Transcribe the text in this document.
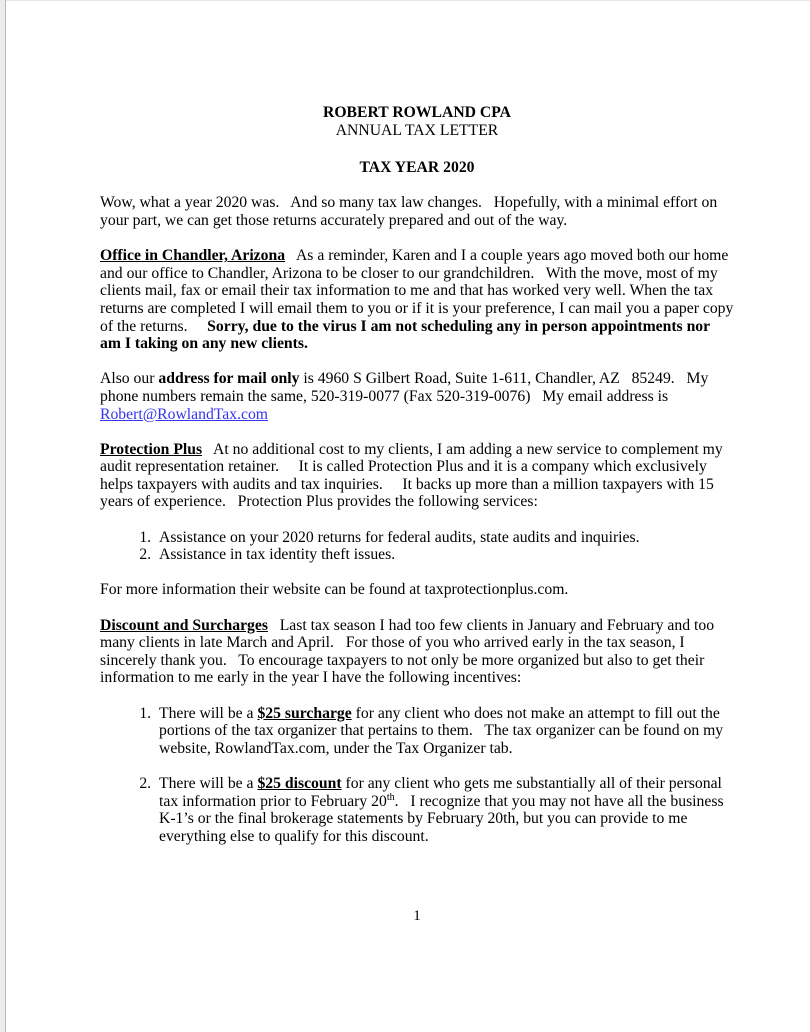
ROBERT ROWLAND CPA
ANNUAL TAX LETTER
TAX YEAR 2020

Wow, what a year 2020 was.   And so many tax law changes.   Hopefully, with a minimal effort on your part, we can get those returns accurately prepared and out of the way.

Office in Chandler, Arizona   As a reminder, Karen and I a couple years ago moved both our home and our office to Chandler, Arizona to be closer to our grandchildren.   With the move, most of my clients mail, fax or email their tax information to me and that has worked very well. When the tax returns are completed I will email them to you or if it is your preference, I can mail you a paper copy of the returns.     Sorry, due to the virus I am not scheduling any in person appointments nor am I taking on any new clients.

Also our address for mail only is 4960 S Gilbert Road, Suite 1-611, Chandler, AZ   85249.   My phone numbers remain the same, 520-319-0077 (Fax 520-319-0076)   My email address is Robert@RowlandTax.com

Protection Plus   At no additional cost to my clients, I am adding a new service to complement my audit representation retainer.     It is called Protection Plus and it is a company which exclusively helps taxpayers with audits and tax inquiries.     It backs up more than a million taxpayers with 15 years of experience.   Protection Plus provides the following services:

1. Assistance on your 2020 returns for federal audits, state audits and inquiries.
2. Assistance in tax identity theft issues.

For more information their website can be found at taxprotectionplus.com.

Discount and Surcharges   Last tax season I had too few clients in January and February and too many clients in late March and April.   For those of you who arrived early in the tax season, I sincerely thank you.   To encourage taxpayers to not only be more organized but also to get their information to me early in the year I have the following incentives:

1. There will be a $25 surcharge for any client who does not make an attempt to fill out the portions of the tax organizer that pertains to them.   The tax organizer can be found on my website, RowlandTax.com, under the Tax Organizer tab.
2. There will be a $25 discount for any client who gets me substantially all of their personal tax information prior to February 20th.   I recognize that you may not have all the business K-1’s or the final brokerage statements by February 20th, but you can provide to me everything else to qualify for this discount.
1
